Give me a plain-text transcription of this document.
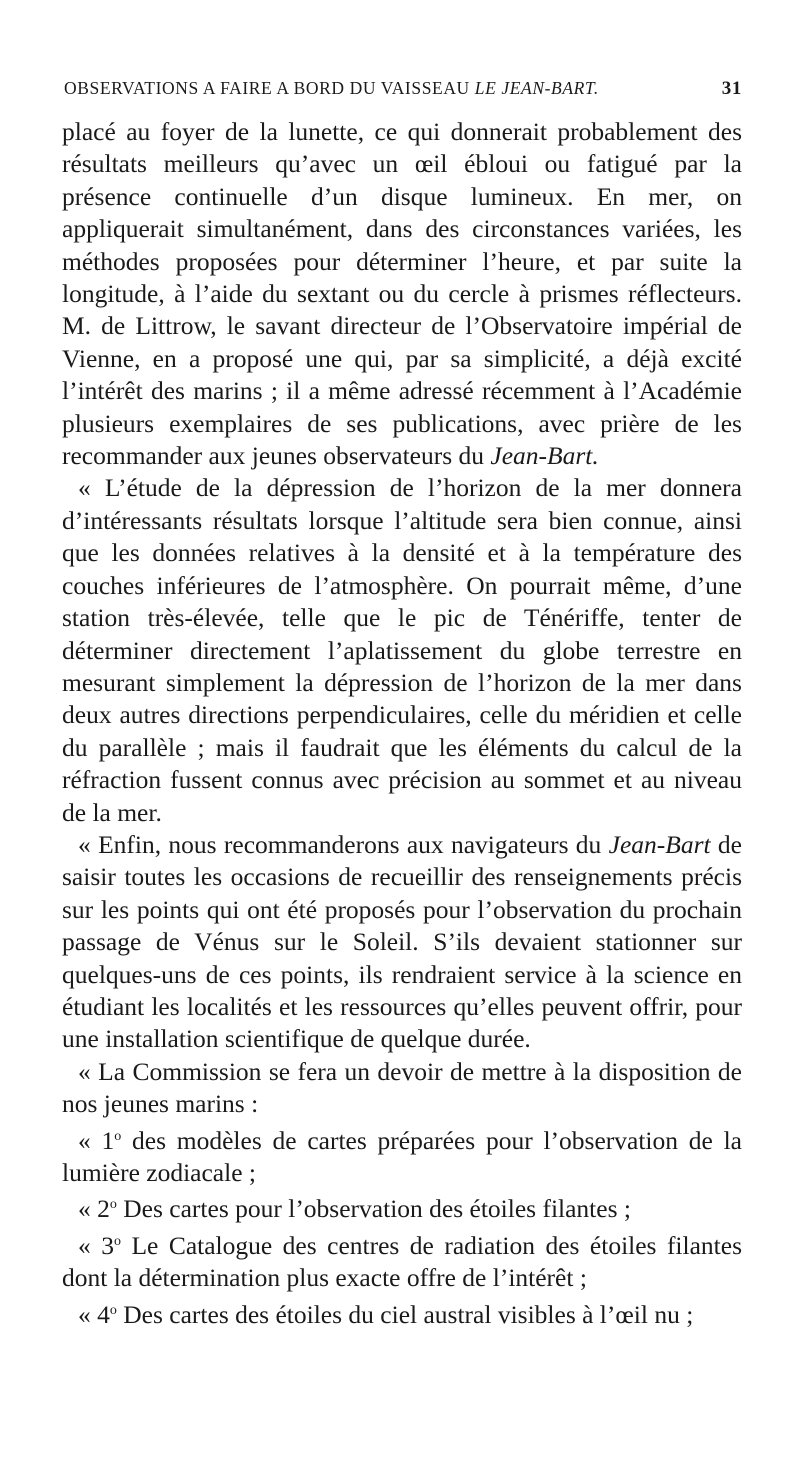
OBSERVATIONS A FAIRE A BORD DU VAISSEAU LE JEAN-BART.	31

placé au foyer de la lunette, ce qui donnerait probablement des résultats meilleurs qu’avec un œil ébloui ou fatigué par la présence continuelle d’un disque lumineux. En mer, on appliquerait simultanément, dans des circonstances variées, les méthodes proposées pour déterminer l’heure, et par suite la longitude, à l’aide du sextant ou du cercle à prismes réflecteurs. M. de Littrow, le savant directeur de l’Observatoire impérial de Vienne, en a proposé une qui, par sa simplicité, a déjà excité l’intérêt des marins ; il a même adressé récemment à l’Académie plusieurs exemplaires de ses publications, avec prière de les recommander aux jeunes observateurs du Jean-Bart.

« L’étude de la dépression de l’horizon de la mer donnera d’intéressants résultats lorsque l’altitude sera bien connue, ainsi que les données relatives à la densité et à la température des couches inférieures de l’atmosphère. On pourrait même, d’une station très-élevée, telle que le pic de Ténériffe, tenter de déterminer directement l’aplatissement du globe terrestre en mesurant simplement la dépression de l’horizon de la mer dans deux autres directions perpendiculaires, celle du méridien et celle du parallèle ; mais il faudrait que les éléments du calcul de la réfraction fussent connus avec précision au sommet et au niveau de la mer.

« Enfin, nous recommanderons aux navigateurs du Jean-Bart de saisir toutes les occasions de recueillir des renseignements précis sur les points qui ont été proposés pour l’observation du prochain passage de Vénus sur le Soleil. S’ils devaient stationner sur quelques-uns de ces points, ils rendraient service à la science en étudiant les localités et les ressources qu’elles peuvent offrir, pour une installation scientifique de quelque durée.

« La Commission se fera un devoir de mettre à la disposition de nos jeunes marins :

« 1$^o$ des modèles de cartes préparées pour l’observation de la lumière zodiacale ;

« 2$^o$ Des cartes pour l’observation des étoiles filantes ;

« 3$^o$ Le Catalogue des centres de radiation des étoiles filantes dont la détermination plus exacte offre de l’intérêt ;

« 4$^o$ Des cartes des étoiles du ciel austral visibles à l’œil nu ;
